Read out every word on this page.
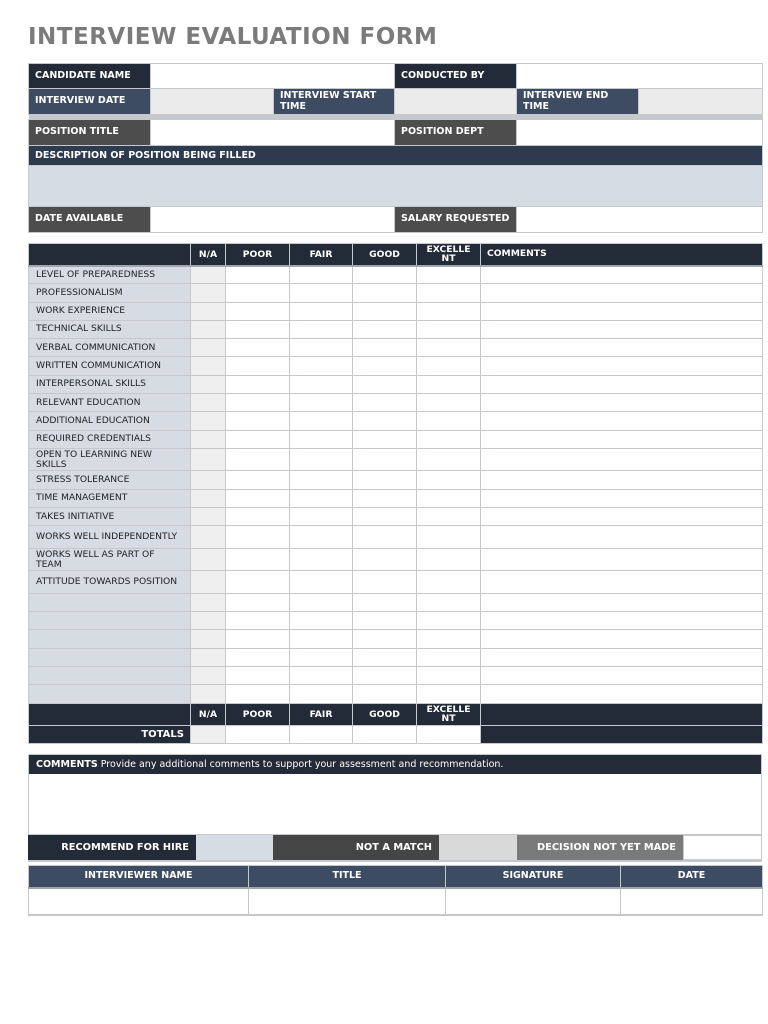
INTERVIEW EVALUATION FORM
CANDIDATE NAME			CONDUCTED BY		
INTERVIEW DATE		INTERVIEW START TIME		INTERVIEW END TIME	

POSITION TITLE			POSITION DEPT		
DESCRIPTION OF POSITION BEING FILLED					

DATE AVAILABLE			SALARY REQUESTED		
	N/A	POOR	FAIR	GOOD	EXCELLE NT	COMMENTS
LEVEL OF PREPAREDNESS						
PROFESSIONALISM						
WORK EXPERIENCE						
TECHNICAL SKILLS						
VERBAL COMMUNICATION						
WRITTEN COMMUNICATION						
INTERPERSONAL SKILLS						
RELEVANT EDUCATION						
ADDITIONAL EDUCATION						
REQUIRED CREDENTIALS						
OPEN TO LEARNING NEW SKILLS						
STRESS TOLERANCE						
TIME MANAGEMENT						
TAKES INITIATIVE						
WORKS WELL INDEPENDENTLY						
WORKS WELL AS PART OF TEAM						
ATTITUDE TOWARDS POSITION						

	N/A	POOR	FAIR	GOOD	EXCELLE NT	
TOTALS						
COMMENTS Provide any additional comments to support your assessment and recommendation.
RECOMMEND FOR HIRE	NOT A MATCH	DECISION NOT YET MADE
INTERVIEWER NAME	TITLE	SIGNATURE	DATE
